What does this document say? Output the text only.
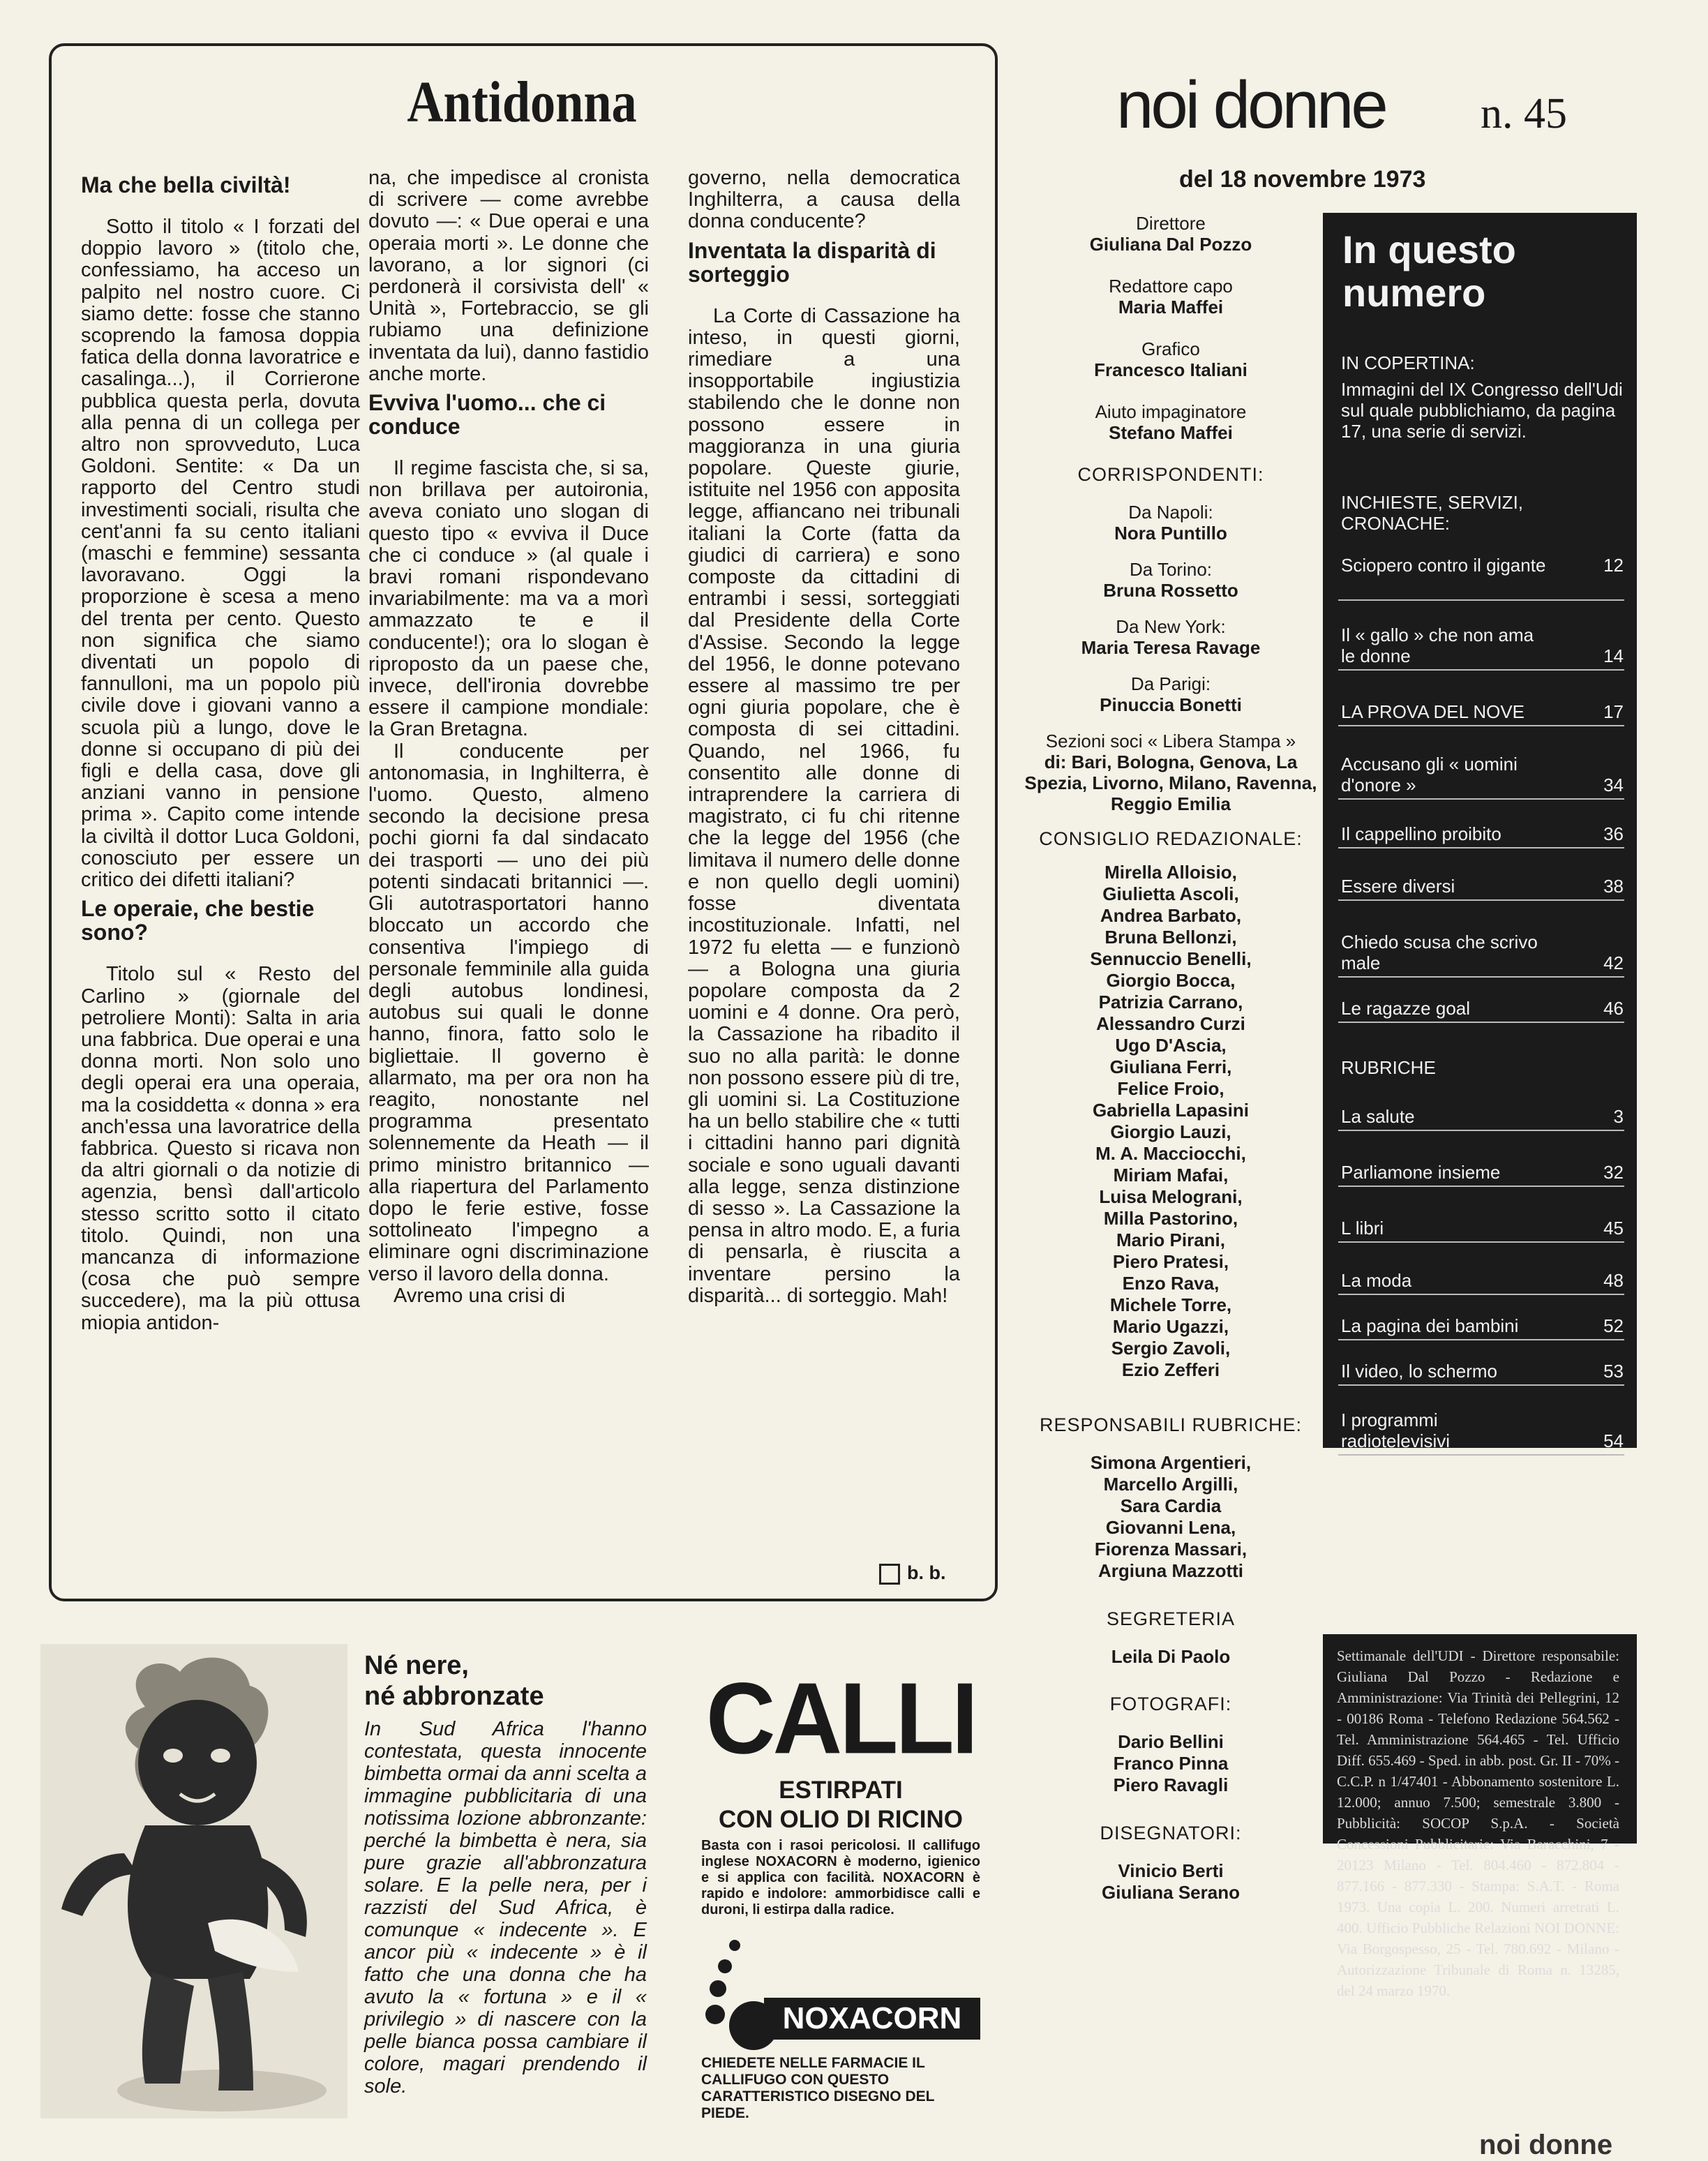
Antidonna
Ma che bella civiltà!

Sotto il titolo « I forzati del doppio lavoro » (titolo che, confessiamo, ha acceso un palpito nel nostro cuore. Ci siamo dette: fosse che stanno scoprendo la famosa doppia fatica della donna lavoratrice e casalinga...), il Corrierone pubblica questa perla, dovuta alla penna di un collega per altro non sprovveduto, Luca Goldoni. Sentite: « Da un rapporto del Centro studi investimenti sociali, risulta che cent'anni fa su cento italiani (maschi e femmine) sessanta lavoravano. Oggi la proporzione è scesa a meno del trenta per cento. Questo non significa che siamo diventati un popolo di fannulloni, ma un popolo più civile dove i giovani vanno a scuola più a lungo, dove le donne si occupano di più dei figli e della casa, dove gli anziani vanno in pensione prima ». Capito come intende la civiltà il dottor Luca Goldoni, conosciuto per essere un critico dei difetti italiani?

Le operaie, che bestie sono?

Titolo sul « Resto del Carlino » (giornale del petroliere Monti): Salta in aria una fabbrica. Due operai e una donna morti. Non solo uno degli operai era una operaia, ma la cosiddetta « donna » era anch'essa una lavoratrice della fabbrica. Questo si ricava non da altri giornali o da notizie di agenzia, bensì dall'articolo stesso scritto sotto il citato titolo. Quindi, non una mancanza di informazione (cosa che può sempre succedere), ma la più ottusa miopia antidon-

na, che impedisce al cronista di scrivere — come avrebbe dovuto —: « Due operai e una operaia morti ». Le donne che lavorano, a lor signori (ci perdonerà il corsivista dell' « Unità », Fortebraccio, se gli rubiamo una definizione inventata da lui), danno fastidio anche morte.

Evviva l'uomo... che ci conduce

Il regime fascista che, si sa, non brillava per autoironia, aveva coniato uno slogan di questo tipo « evviva il Duce che ci conduce » (al quale i bravi romani rispondevano invariabilmente: ma va a morì ammazzato te e il conducente!); ora lo slogan è riproposto da un paese che, invece, dell'ironia dovrebbe essere il campione mondiale: la Gran Bretagna.

Il conducente per antonomasia, in Inghilterra, è l'uomo. Questo, almeno secondo la decisione presa pochi giorni fa dal sindacato dei trasporti — uno dei più potenti sindacati britannici —. Gli autotrasportatori hanno bloccato un accordo che consentiva l'impiego di personale femminile alla guida degli autobus londinesi, autobus sui quali le donne hanno, finora, fatto solo le bigliettaie. Il governo è allarmato, ma per ora non ha reagito, nonostante nel programma presentato solennemente da Heath — il primo ministro britannico — alla riapertura del Parlamento dopo le ferie estive, fosse sottolineato l'impegno a eliminare ogni discriminazione verso il lavoro della donna.

Avremo una crisi di

governo, nella democratica Inghilterra, a causa della donna conducente?

Inventata la disparità di sorteggio

La Corte di Cassazione ha inteso, in questi giorni, rimediare a una insopportabile ingiustizia stabilendo che le donne non possono essere in maggioranza in una giuria popolare. Queste giurie, istituite nel 1956 con apposita legge, affiancano nei tribunali italiani la Corte (fatta da giudici di carriera) e sono composte da cittadini di entrambi i sessi, sorteggiati dal Presidente della Corte d'Assise. Secondo la legge del 1956, le donne potevano essere al massimo tre per ogni giuria popolare, che è composta di sei cittadini. Quando, nel 1966, fu consentito alle donne di intraprendere la carriera di magistrato, ci fu chi ritenne che la legge del 1956 (che limitava il numero delle donne e non quello degli uomini) fosse diventata incostituzionale. Infatti, nel 1972 fu eletta — e funzionò — a Bologna una giuria popolare composta da 2 uomini e 4 donne. Ora però, la Cassazione ha ribadito il suo no alla parità: le donne non possono essere più di tre, gli uomini si. La Costituzione ha un bello stabilire che « tutti i cittadini hanno pari dignità sociale e sono uguali davanti alla legge, senza distinzione di sesso ». La Cassazione la pensa in altro modo. E, a furia di pensarla, è riuscita a inventare persino la disparità... di sorteggio. Mah!

b. b.
noi donne n. 45
del 18 novembre 1973
Direttore
Giuliana Dal Pozzo
Redattore capo
Maria Maffei
Grafico
Francesco Italiani
Aiuto impaginatore
Stefano Maffei
CORRISPONDENTI:
Da Napoli:
Nora Puntillo
Da Torino:
Bruna Rossetto
Da New York:
Maria Teresa Ravage
Da Parigi:
Pinuccia Bonetti
Sezioni soci « Libera Stampa »
di: Bari, Bologna, Genova, La Spezia, Livorno, Milano, Ravenna, Reggio Emilia
CONSIGLIO REDAZIONALE:
Mirella Alloisio,
Giulietta Ascoli,
Andrea Barbato,
Bruna Bellonzi,
Sennuccio Benelli,
Giorgio Bocca,
Patrizia Carrano,
Alessandro Curzi
Ugo D'Ascia,
Giuliana Ferri,
Felice Froio,
Gabriella Lapasini
Giorgio Lauzi,
M. A. Macciocchi,
Miriam Mafai,
Luisa Melograni,
Milla Pastorino,
Mario Pirani,
Piero Pratesi,
Enzo Rava,
Michele Torre,
Mario Ugazzi,
Sergio Zavoli,
Ezio Zefferi
RESPONSABILI RUBRICHE:
Simona Argentieri,
Marcello Argilli,
Sara Cardia
Giovanni Lena,
Fiorenza Massari,
Argiuna Mazzotti
SEGRETERIA
Leila Di Paolo
FOTOGRAFI:
Dario Bellini
Franco Pinna
Piero Ravagli
DISEGNATORI:
Vinicio Berti
Giuliana Serano
In questo
numero
IN COPERTINA:
Immagini del IX Congresso dell'Udi sul quale pubblichiamo, da pagina 17, una serie di servizi.
INCHIESTE, SERVIZI, CRONACHE:
Sciopero contro il gigante	12
Il « gallo » che non ama le donne	14
LA PROVA DEL NOVE	17
Accusano gli « uomini d'onore »	34
Il cappellino proibito	36
Essere diversi	38
Chiedo scusa che scrivo male	42
Le ragazze goal	46
RUBRICHE
La salute	3
Parliamone insieme	32
L libri	45
La moda	48
La pagina dei bambini	52
Il video, lo schermo	53
I programmi radiotelevisivi	54
Settimanale dell'UDI - Direttore responsabile: Giuliana Dal Pozzo - Redazione e Amministrazione: Via Trinità dei Pellegrini, 12 - 00186 Roma - Telefono Redazione 564.562 - Tel. Amministrazione 564.465 - Tel. Ufficio Diff. 655.469 - Sped. in abb. post. Gr. II - 70% - C.C.P. n 1/47401 - Abbonamento sostenitore L. 12.000; annuo 7.500; semestrale 3.800 - Pubblicità: SOCOP S.p.A. - Società Concessioni Pubblicitarie: Via Baracchini, 7 - 20123 Milano - Tel. 804.460 - 872.804 - 877.166 - 877.330 - Stampa: S.A.T. - Roma 1973. Una copia L. 200. Numeri arretrati L. 400. Ufficio Pubbliche Relazioni NOI DONNE: Via Borgospesso, 25 - Tel. 780.692 - Milano - Autorizzazione Tribunale di Roma n. 13285, del 24 marzo 1970.
Né nere,
né abbronzate
In Sud Africa l'hanno contestata, questa innocente bimbetta ormai da anni scelta a immagine pubblicitaria di una notissima lozione abbronzante: perché la bimbetta è nera, sia pure grazie all'abbronzatura solare. E la pelle nera, per i razzisti del Sud Africa, è comunque « indecente ». E ancor più « indecente » è il fatto che una donna che ha avuto la « fortuna » e il « privilegio » di nascere con la pelle bianca possa cambiare il colore, magari prendendo il sole.
CALLI
ESTIRPATI
CON OLIO DI RICINO
Basta con i rasoi pericolosi. Il callifugo inglese NOXACORN è moderno, igienico e si applica con facilità. NOXACORN è rapido e indolore: ammorbidisce calli e duroni, li estirpa dalla radice.
NOXACORN
CHIEDETE NELLE FARMACIE IL CALLIFUGO CON QUESTO CARATTERISTICO DISEGNO DEL PIEDE.
noi donne
